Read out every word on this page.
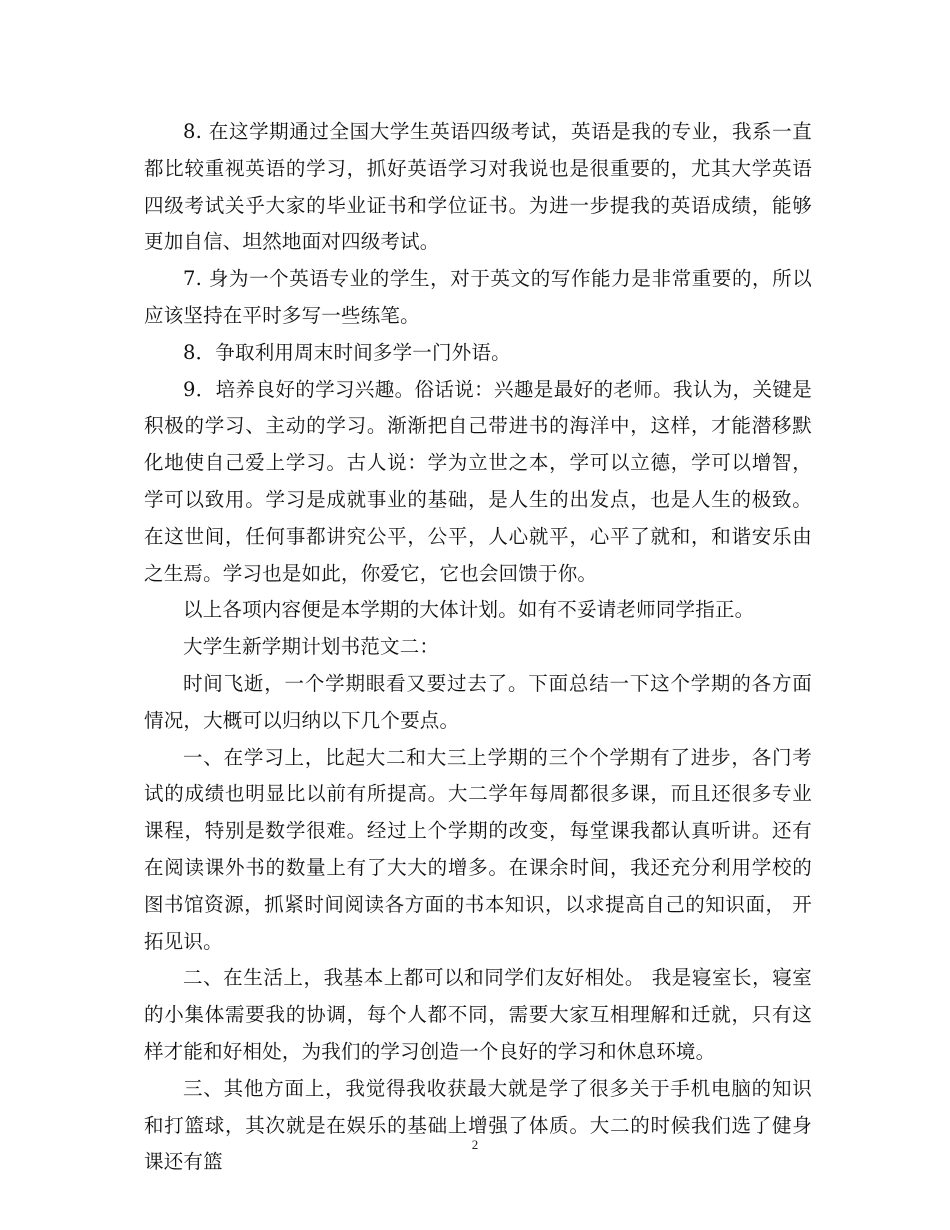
8. 在这学期通过全国大学生英语四级考试，英语是我的专业，我系一直都比较重视英语的学习，抓好英语学习对我说也是很重要的，尤其大学英语四级考试关乎大家的毕业证书和学位证书。为进一步提我的英语成绩，能够更加自信、坦然地面对四级考试。

7. 身为一个英语专业的学生，对于英文的写作能力是非常重要的，所以应该坚持在平时多写一些练笔。

8．争取利用周末时间多学一门外语。

9．培养良好的学习兴趣。俗话说：兴趣是最好的老师。我认为，关键是积极的学习、主动的学习。渐渐把自己带进书的海洋中，这样，才能潜移默化地使自己爱上学习。古人说：学为立世之本，学可以立德，学可以增智，学可以致用。学习是成就事业的基础，是人生的出发点，也是人生的极致。在这世间，任何事都讲究公平，公平，人心就平，心平了就和，和谐安乐由之生焉。学习也是如此，你爱它，它也会回馈于你。

以上各项内容便是本学期的大体计划。如有不妥请老师同学指正。

大学生新学期计划书范文二：

时间飞逝，一个学期眼看又要过去了。下面总结一下这个学期的各方面情况，大概可以归纳以下几个要点。

一、在学习上，比起大二和大三上学期的三个个学期有了进步，各门考试的成绩也明显比以前有所提高。大二学年每周都很多课，而且还很多专业课程，特别是数学很难。经过上个学期的改变，每堂课我都认真听讲。还有在阅读课外书的数量上有了大大的增多。在课余时间，我还充分利用学校的图书馆资源，抓紧时间阅读各方面的书本知识，以求提高自己的知识面， 开拓见识。

二、在生活上，我基本上都可以和同学们友好相处。 我是寝室长，寝室的小集体需要我的协调，每个人都不同，需要大家互相理解和迁就，只有这样才能和好相处，为我们的学习创造一个良好的学习和休息环境。

三、其他方面上，我觉得我收获最大就是学了很多关于手机电脑的知识和打篮球，其次就是在娱乐的基础上增强了体质。大二的时候我们选了健身课还有篮

2
